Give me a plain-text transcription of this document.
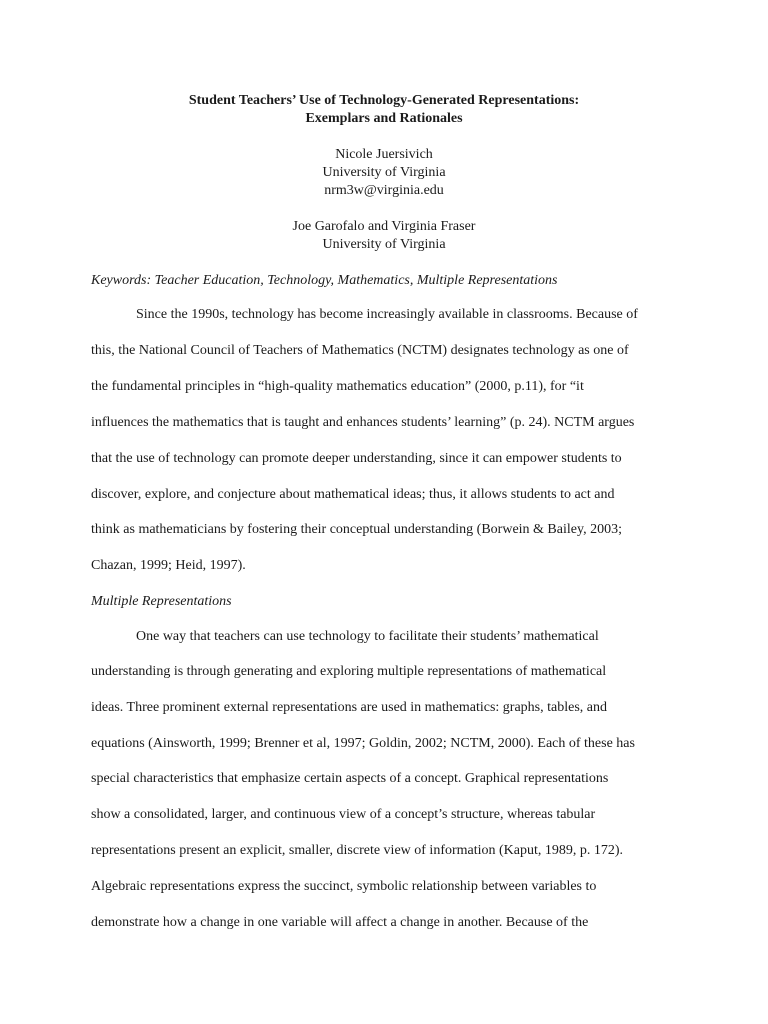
Student Teachers’ Use of Technology-Generated Representations:
Exemplars and Rationales
Nicole Juersivich
University of Virginia
nrm3w@virginia.edu
Joe Garofalo and Virginia Fraser
University of Virginia
Keywords: Teacher Education, Technology, Mathematics, Multiple Representations
Since the 1990s, technology has become increasingly available in classrooms. Because of
this, the National Council of Teachers of Mathematics (NCTM) designates technology as one of
the fundamental principles in “high-quality mathematics education” (2000, p.11), for “it
influences the mathematics that is taught and enhances students’ learning” (p. 24). NCTM argues
that the use of technology can promote deeper understanding, since it can empower students to
discover, explore, and conjecture about mathematical ideas; thus, it allows students to act and
think as mathematicians by fostering their conceptual understanding (Borwein & Bailey, 2003;
Chazan, 1999; Heid, 1997).
Multiple Representations
One way that teachers can use technology to facilitate their students’ mathematical
understanding is through generating and exploring multiple representations of mathematical
ideas. Three prominent external representations are used in mathematics: graphs, tables, and
equations (Ainsworth, 1999; Brenner et al, 1997; Goldin, 2002; NCTM, 2000). Each of these has
special characteristics that emphasize certain aspects of a concept. Graphical representations
show a consolidated, larger, and continuous view of a concept’s structure, whereas tabular
representations present an explicit, smaller, discrete view of information (Kaput, 1989, p. 172).
Algebraic representations express the succinct, symbolic relationship between variables to
demonstrate how a change in one variable will affect a change in another. Because of the
